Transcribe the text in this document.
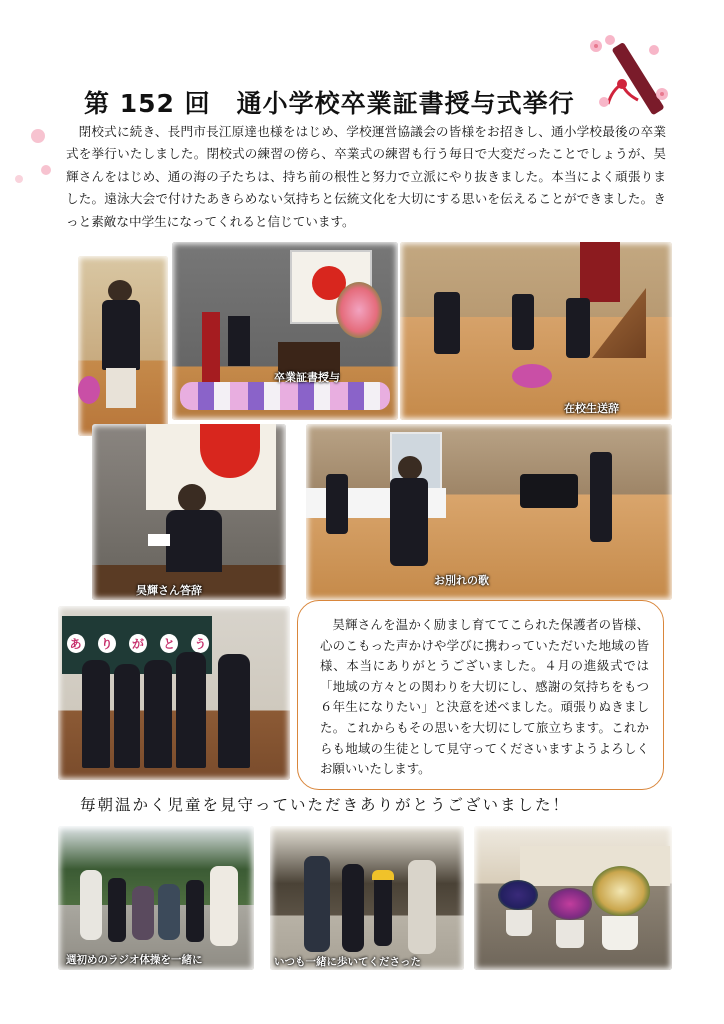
第 152 回　通小学校卒業証書授与式挙行

閉校式に続き、長門市長江原達也様をはじめ、学校運営協議会の皆様をお招きし、通小学校最後の卒業式を挙行いたしました。閉校式の練習の傍ら、卒業式の練習も行う毎日で大変だったことでしょうが、昊輝さんをはじめ、通の海の子たちは、持ち前の根性と努力で立派にやり抜きました。本当によく頑張りました。遠泳大会で付けたあきらめない気持ちと伝統文化を大切にする思いを伝えることができました。きっと素敵な中学生になってくれると信じています。

卒業証書授与
在校生送辞
昊輝さん答辞
お別れの歌
あ り が と う

昊輝さんを温かく励まし育ててこられた保護者の皆様、心のこもった声かけや学びに携わっていただいた地域の皆様、本当にありがとうございました。４月の進級式では「地域の方々との関わりを大切にし、感謝の気持ちをもつ６年生になりたい」と決意を述べました。頑張りぬきました。これからもその思いを大切にして旅立ちます。これからも地域の生徒として見守ってくださいますようよろしくお願いいたします。

毎朝温かく児童を見守っていただきありがとうございました！
週初めのラジオ体操を一緒に	いつも一緒に歩いてくださった
